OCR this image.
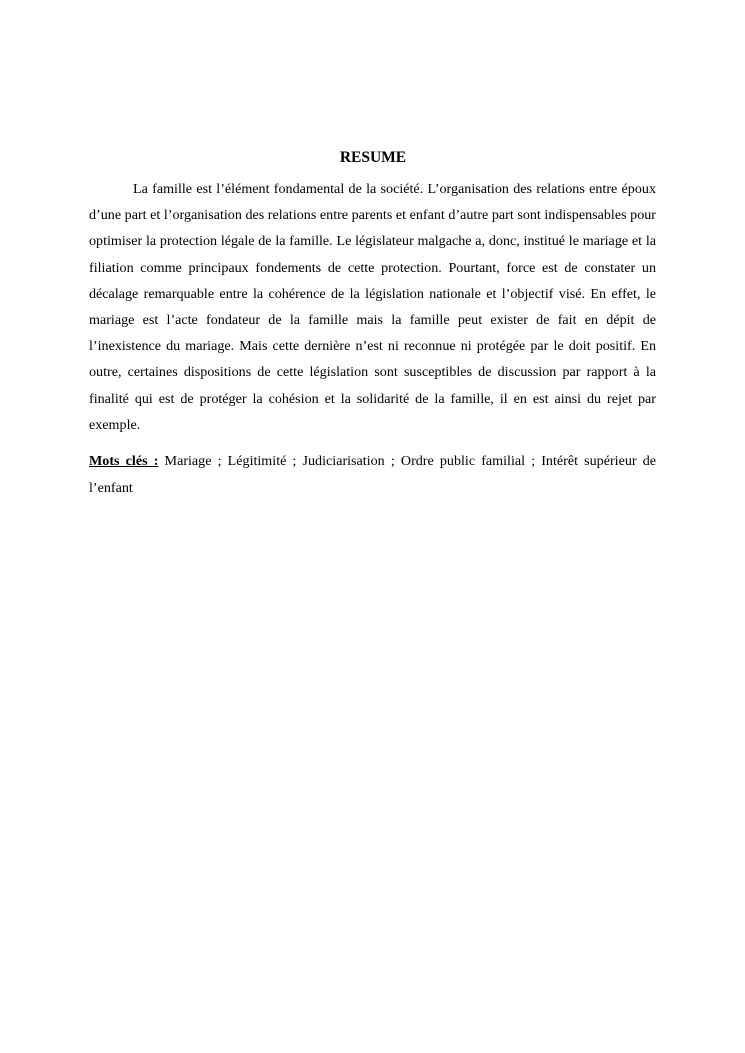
RESUME

La famille est l’élément fondamental de la société. L’organisation des relations entre époux d’une part et l’organisation des relations entre parents et enfant d’autre part sont indispensables pour optimiser la protection légale de la famille. Le législateur malgache a, donc, institué le mariage et la filiation comme principaux fondements de cette protection. Pourtant, force est de constater un décalage remarquable entre la cohérence de la législation nationale et l’objectif visé. En effet, le mariage est l’acte fondateur de la famille mais la famille peut exister de fait en dépit de l’inexistence du mariage. Mais cette dernière n’est ni reconnue ni protégée par le doit positif. En outre, certaines dispositions de cette législation sont susceptibles de discussion par rapport à la finalité qui est de protéger la cohésion et la solidarité de la famille, il en est ainsi du rejet par exemple.

Mots clés : Mariage ; Légitimité ; Judiciarisation ; Ordre public familial ; Intérêt supérieur de l’enfant
